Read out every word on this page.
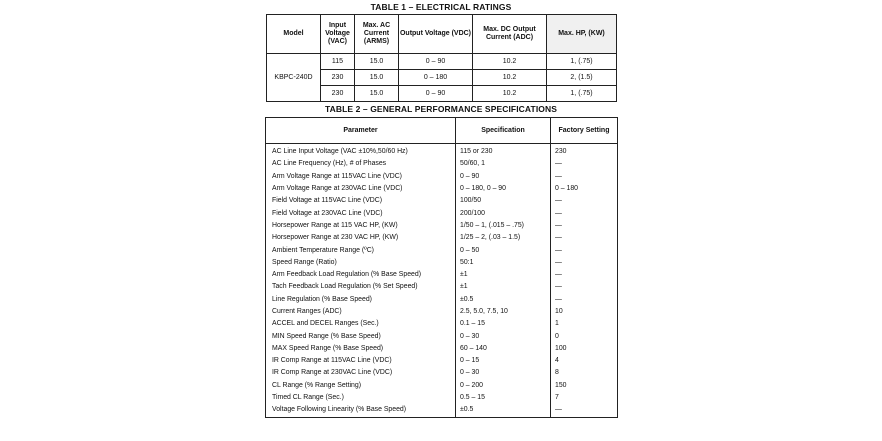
TABLE 1 – ELECTRICAL RATINGS
Model	Input Voltage (VAC)	Max. AC Current (ARMS)	Output Voltage (VDC)	Max. DC Output Current (ADC)	Max. HP, (KW)
KBPC-240D	115	15.0	0 – 90	10.2	1, (.75)
	230	15.0	0 – 180	10.2	2, (1.5)
	230	15.0	0 – 90	10.2	1, (.75)
TABLE 2 – GENERAL PERFORMANCE SPECIFICATIONS
Parameter	Specification	Factory Setting
AC Line Input Voltage (VAC ±10%,50/60 Hz)	115 or 230	230
AC Line Frequency (Hz), # of Phases	50/60, 1	—
Arm Voltage Range at 115VAC Line (VDC)	0 – 90	—
Arm Voltage Range at 230VAC Line (VDC)	0 – 180, 0 – 90	0 – 180
Field Voltage at 115VAC Line (VDC)	100/50	—
Field Voltage at 230VAC Line (VDC)	200/100	—
Horsepower Range at 115 VAC HP, (KW)	1/50 – 1, (.015 – .75)	—
Horsepower Range at 230 VAC HP, (KW)	1/25 – 2, (.03 – 1.5)	—
Ambient Temperature Range (ºC)	0 – 50	—
Speed Range (Ratio)	50:1	—
Arm Feedback Load Regulation (% Base Speed)	±1	—
Tach Feedback Load Regulation (% Set Speed)	±1	—
Line Regulation (% Base Speed)	±0.5	—
Current Ranges (ADC)	2.5, 5.0, 7.5, 10	10
ACCEL and DECEL Ranges (Sec.)	0.1 – 15	1
MIN Speed Range (% Base Speed)	0 – 30	0
MAX Speed Range (% Base Speed)	60 – 140	100
IR Comp Range at 115VAC Line (VDC)	0 – 15	4
IR Comp Range at 230VAC Line (VDC)	0 – 30	8
CL Range (% Range Setting)	0 – 200	150
Timed CL Range (Sec.)	0.5 – 15	7
Voltage Following Linearity (% Base Speed)	±0.5	—
